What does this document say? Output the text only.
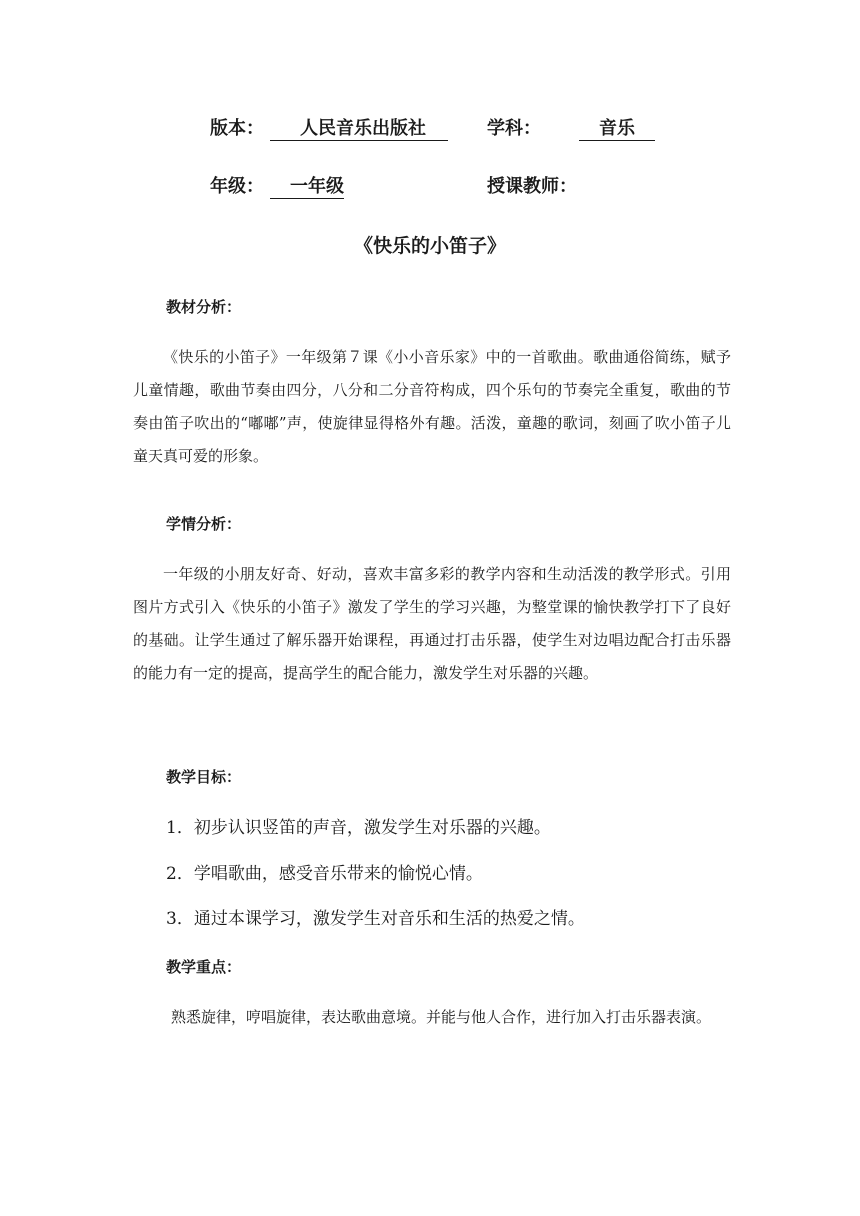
版本： 人民音乐出版社	学科：	音乐
年级： 一年级	授课教师：
《快乐的小笛子》
教材分析：

《快乐的小笛子》一年级第７课《小小音乐家》中的一首歌曲。歌曲通俗简练，赋予儿童情趣，歌曲节奏由四分，八分和二分音符构成，四个乐句的节奏完全重复，歌曲的节奏由笛子吹出的“嘟嘟”声，使旋律显得格外有趣。活泼，童趣的歌词，刻画了吹小笛子儿童天真可爱的形象。

学情分析：

一年级的小朋友好奇、好动，喜欢丰富多彩的教学内容和生动活泼的教学形式。引用图片方式引入《快乐的小笛子》激发了学生的学习兴趣，为整堂课的愉快教学打下了良好的基础。让学生通过了解乐器开始课程，再通过打击乐器，使学生对边唱边配合打击乐器的能力有一定的提高，提高学生的配合能力，激发学生对乐器的兴趣。

教学目标：
1．初步认识竖笛的声音，激发学生对乐器的兴趣。
2．学唱歌曲，感受音乐带来的愉悦心情。
3．通过本课学习，激发学生对音乐和生活的热爱之情。
教学重点：

熟悉旋律，哼唱旋律，表达歌曲意境。并能与他人合作，进行加入打击乐器表演。
